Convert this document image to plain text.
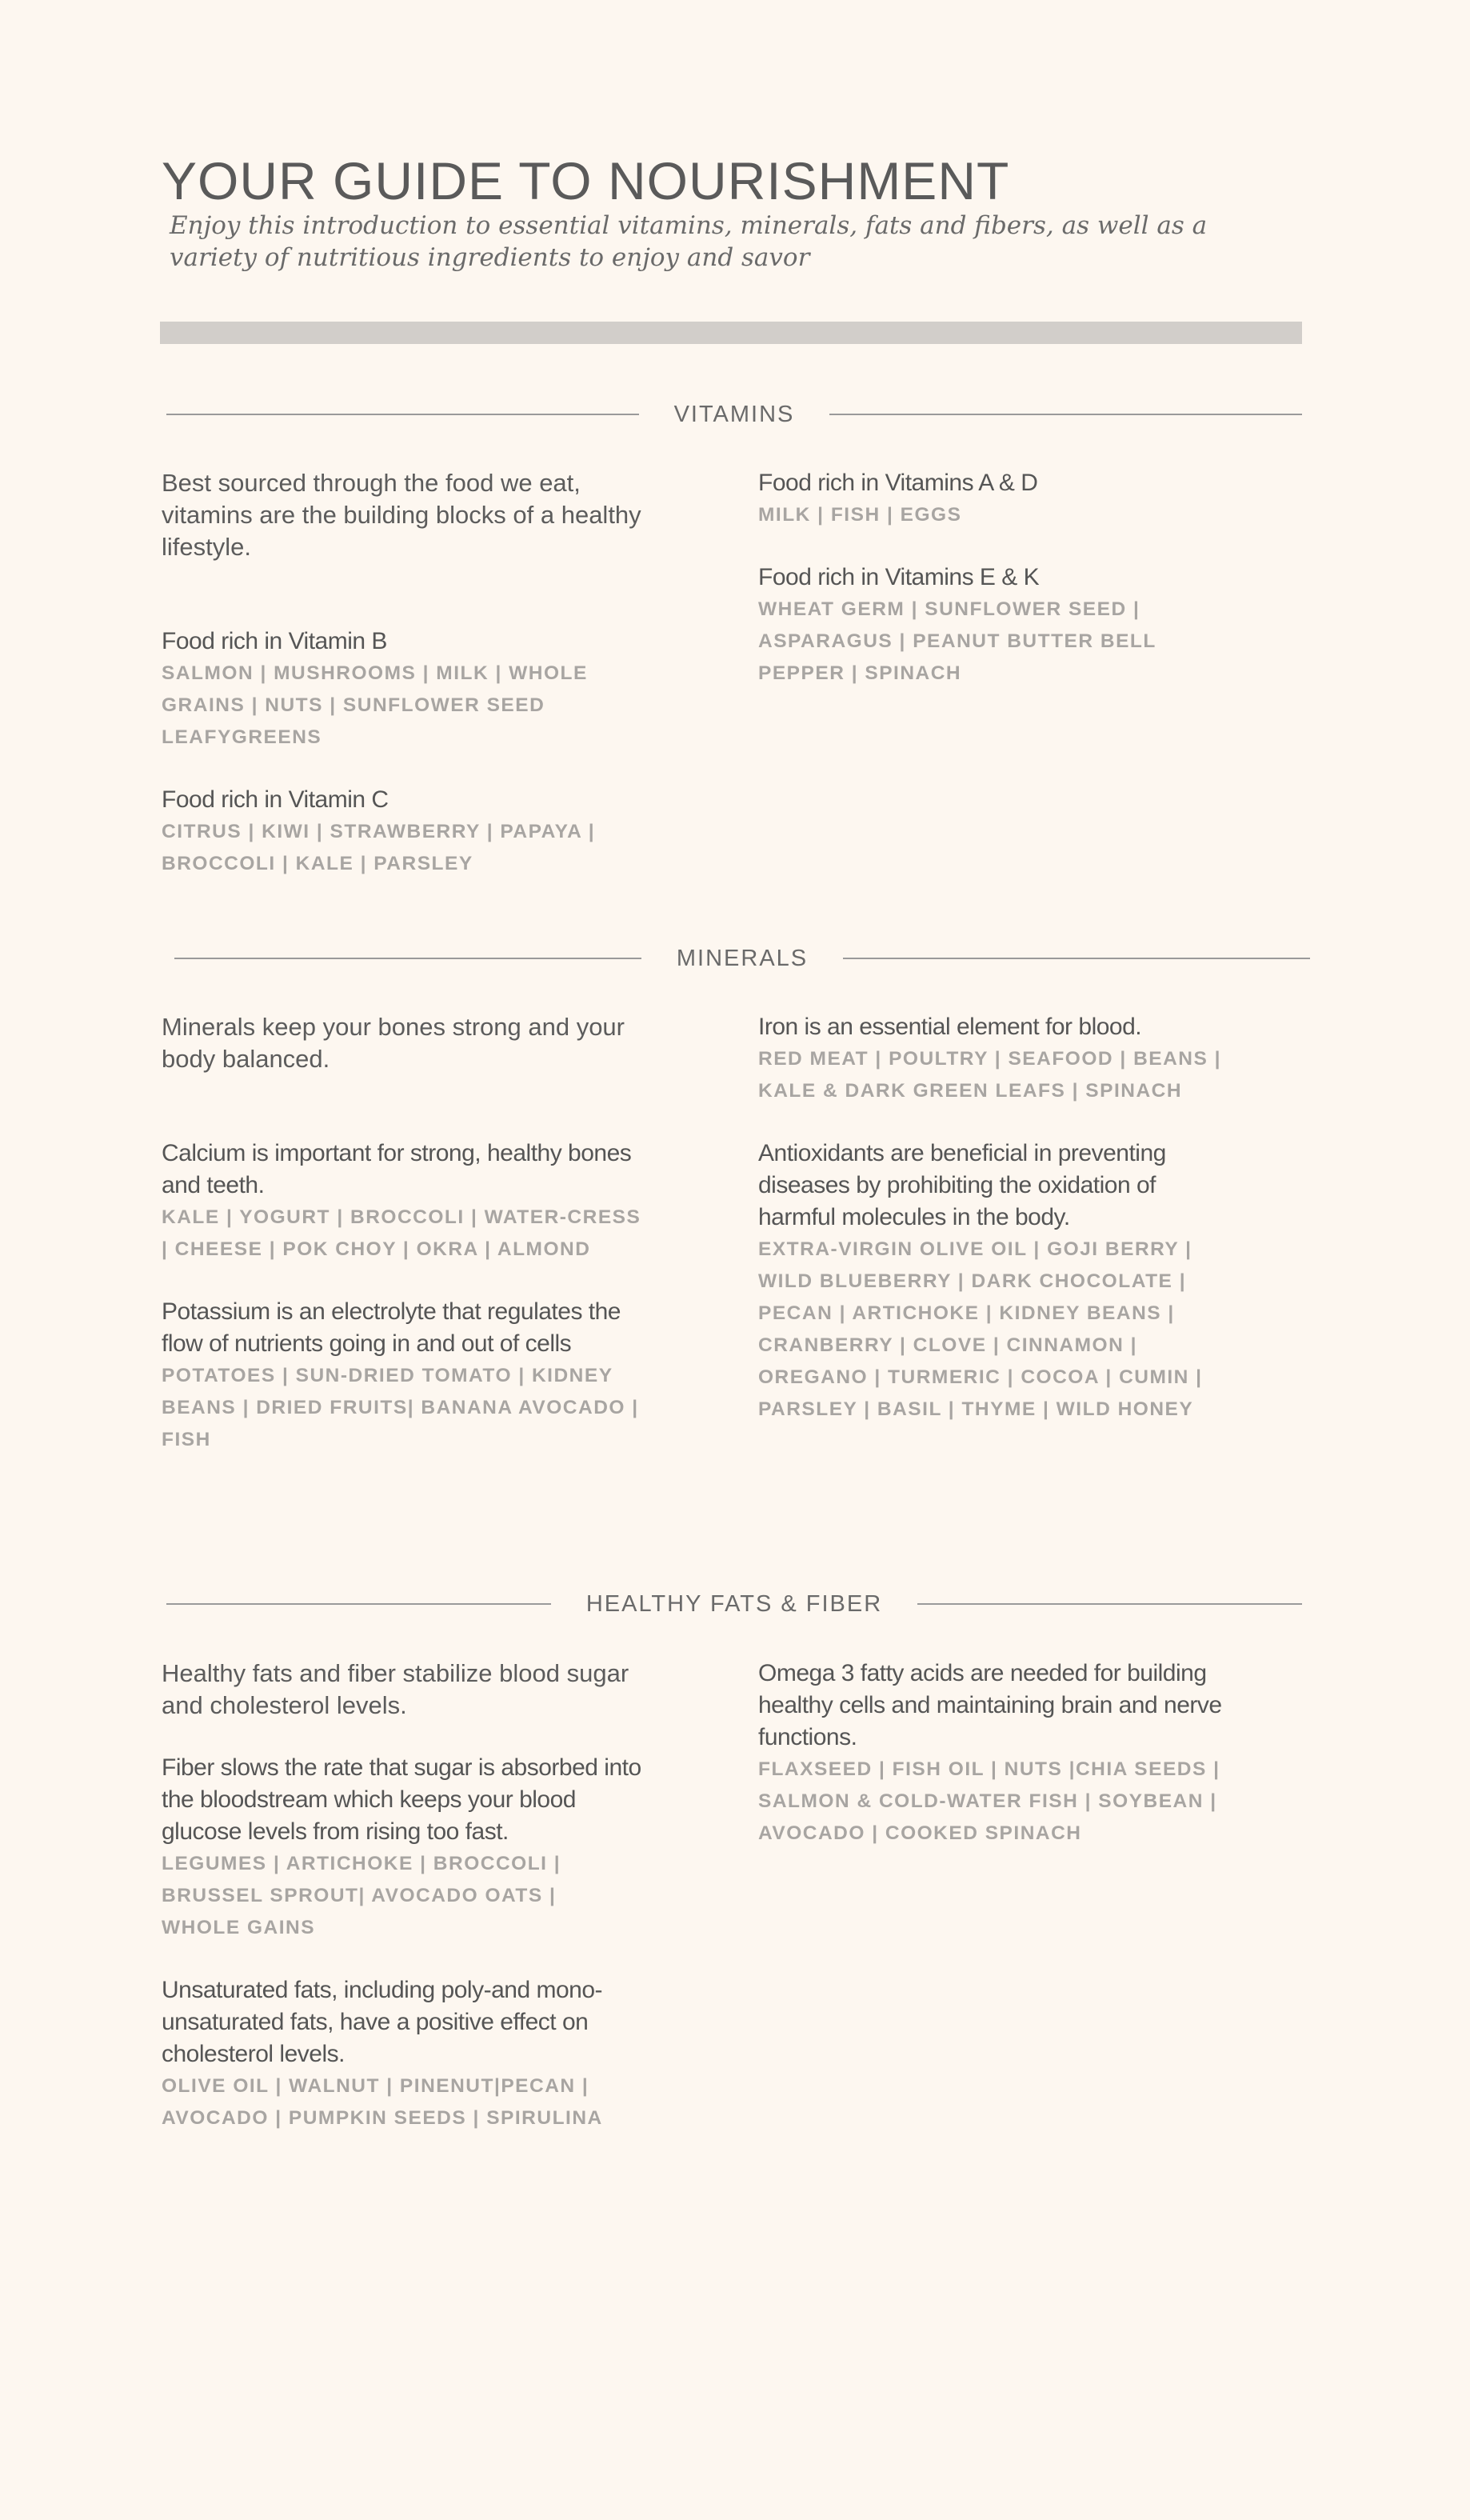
YOUR GUIDE TO NOURISHMENT

Enjoy this introduction to essential vitamins, minerals, fats and fibers, as well as a variety of nutritious ingredients to enjoy and savor

VITAMINS

Best sourced through the food we eat, vitamins are the building blocks of a healthy lifestyle.

Food rich in Vitamin B

SALMON | MUSHROOMS | MILK | WHOLE GRAINS | NUTS | SUNFLOWER SEED LEAFYGREENS

Food rich in Vitamin C

CITRUS | KIWI | STRAWBERRY | PAPAYA | BROCCOLI | KALE | PARSLEY

Food rich in Vitamins A & D

MILK | FISH | EGGS

Food rich in Vitamins E & K

WHEAT GERM | SUNFLOWER SEED | ASPARAGUS | PEANUT BUTTER BELL PEPPER | SPINACH

MINERALS

Minerals keep your bones strong and your body balanced.

Calcium is important for strong, healthy bones and teeth.

KALE | YOGURT | BROCCOLI | WATER-CRESS | CHEESE | POK CHOY | OKRA | ALMOND

Potassium is an electrolyte that regulates the flow of nutrients going in and out of cells

POTATOES | SUN-DRIED TOMATO | KIDNEY BEANS | DRIED FRUITS| BANANA AVOCADO | FISH

Iron is an essential element for blood.

RED MEAT | POULTRY | SEAFOOD | BEANS | KALE & DARK GREEN LEAFS | SPINACH

Antioxidants are beneficial in preventing diseases by prohibiting the oxidation of harmful molecules in the body.

EXTRA-VIRGIN OLIVE OIL | GOJI BERRY | WILD BLUEBERRY | DARK CHOCOLATE | PECAN | ARTICHOKE | KIDNEY BEANS | CRANBERRY | CLOVE | CINNAMON | OREGANO | TURMERIC | COCOA | CUMIN | PARSLEY | BASIL | THYME | WILD HONEY

HEALTHY FATS & FIBER

Healthy fats and fiber stabilize blood sugar and cholesterol levels.

Fiber slows the rate that sugar is absorbed into the bloodstream which keeps your blood glucose levels from rising too fast.

LEGUMES | ARTICHOKE | BROCCOLI | BRUSSEL SPROUT| AVOCADO OATS | WHOLE GAINS

Unsaturated fats, including poly-and mono-unsaturated fats, have a positive effect on cholesterol levels.

OLIVE OIL | WALNUT | PINENUT|PECAN | AVOCADO | PUMPKIN SEEDS | SPIRULINA

Omega 3 fatty acids are needed for building healthy cells and maintaining brain and nerve functions.

FLAXSEED | FISH OIL | NUTS |CHIA SEEDS | SALMON & COLD-WATER FISH | SOYBEAN | AVOCADO | COOKED SPINACH
